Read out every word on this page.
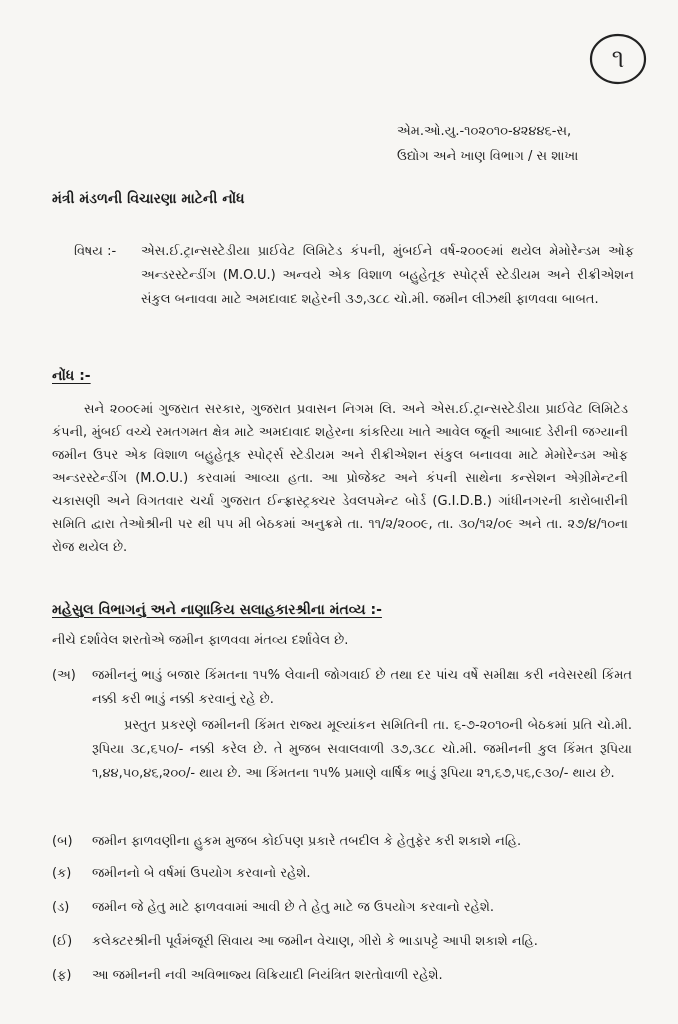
૧
એમ.ઓ.યુ.-૧૦૨૦૧૦-૪૨૪૪૬-સ,
ઉદ્યોગ અને ખાણ વિભાગ / સ શાખા
મંત્રી મંડળની વિચારણા માટેની નોંધ
વિષય :-	એસ.ઈ.ટ્રાન્સસ્ટેડીયા પ્રાઈવેટ લિમિટેડ કંપની, મુંબઈને વર્ષ-૨૦૦૯માં થયેલ મેમોરેન્ડમ ઓફ અન્ડરસ્ટેન્ડીંગ (M.O.U.) અન્વયે એક વિશાળ બહુહેતૂક સ્પોર્ટ્સ સ્ટેડીયમ અને રીક્રીએશન સંકુલ બનાવવા માટે અમદાવાદ શહેરની ૩૭,૩૮૮ ચો.મી. જમીન લીઝથી ફાળવવા બાબત.
નોંધ :-
સને ૨૦૦૯માં ગુજરાત સરકાર, ગુજરાત પ્રવાસન નિગમ લિ. અને એસ.ઈ.ટ્રાન્સસ્ટેડીયા પ્રાઈવેટ લિમિટેડ કંપની, મુંબઈ વચ્ચે રમતગમત ક્ષેત્ર માટે અમદાવાદ શહેરના કાંકરિયા ખાતે આવેલ જૂની આબાદ ડેરીની જગ્યાની જમીન ઉપર એક વિશાળ બહુહેતૂક સ્પોર્ટ્સ સ્ટેડીયમ અને રીક્રીએશન સંકુલ બનાવવા માટે મેમોરેન્ડમ ઓફ અન્ડરસ્ટેન્ડીંગ (M.O.U.) કરવામાં આવ્યા હતા. આ પ્રોજેક્ટ અને કંપની સાથેના કન્સેશન એગ્રીમેન્ટની ચકાસણી અને વિગતવાર ચર્ચા ગુજરાત ઈન્ફ્રાસ્ટ્રક્ચર ડેવલપમેન્ટ બોર્ડ (G.I.D.B.) ગાંધીનગરની કારોબારીની સમિતિ દ્વારા તેઓશ્રીની પર થી ૫૫ મી બેઠકમાં અનુક્રમે તા. ૧૧/૨/૨૦૦૯, તા. ૩૦/૧૨/૦૯ અને તા. ૨૭/૪/૧૦ના રોજ થયેલ છે.
મહેસુલ વિભાગનું અને નાણાકિય સલાહકારશ્રીના મંતવ્ય :-
નીચે દર્શાવેલ શરતોએ જમીન ફાળવવા મંતવ્ય દર્શાવેલ છે.
(અ)	જમીનનું ભાડું બજાર કિંમતના ૧૫% લેવાની જોગવાઈ છે તથા દર પાંચ વર્ષે સમીક્ષા કરી નવેસરથી કિંમત નક્કી કરી ભાડું નક્કી કરવાનું રહે છે.
પ્રસ્તુત પ્રકરણે જમીનની કિંમત રાજ્ય મૂલ્યાંકન સમિતિની તા. ૬-૭-૨૦૧૦ની બેઠકમાં પ્રતિ ચો.મી. રૂપિયા ૩૮,૬૫૦/- નક્કી કરેલ છે. તે મુજબ સવાલવાળી ૩૭,૩૮૮ ચો.મી. જમીનની કુલ કિંમત રૂપિયા ૧,૪૪,૫૦,૪૬,૨૦૦/- થાય છે. આ કિંમતના ૧૫% પ્રમાણે વાર્ષિક ભાડું રૂપિયા ૨૧,૬૭,૫૬,૯૩૦/- થાય છે.
(બ)	જમીન ફાળવણીના હુકમ મુજબ કોઈપણ પ્રકારે તબદીલ કે હેતુફેર કરી શકાશે નહિ.
(ક)	જમીનનો બે વર્ષમાં ઉપયોગ કરવાનો રહેશે.
(ડ)	જમીન જે હેતુ માટે ફાળવવામાં આવી છે તે હેતુ માટે જ ઉપયોગ કરવાનો રહેશે.
(ઈ)	કલેક્ટરશ્રીની પૂર્વમંજૂરી સિવાય આ જમીન વેચાણ, ગીરો કે ભાડાપટ્ટે આપી શકાશે નહિ.
(ફ)	આ જમીનની નવી અવિભાજ્ય વિક્રિયાદી નિયંત્રિત શરતોવાળી રહેશે.
